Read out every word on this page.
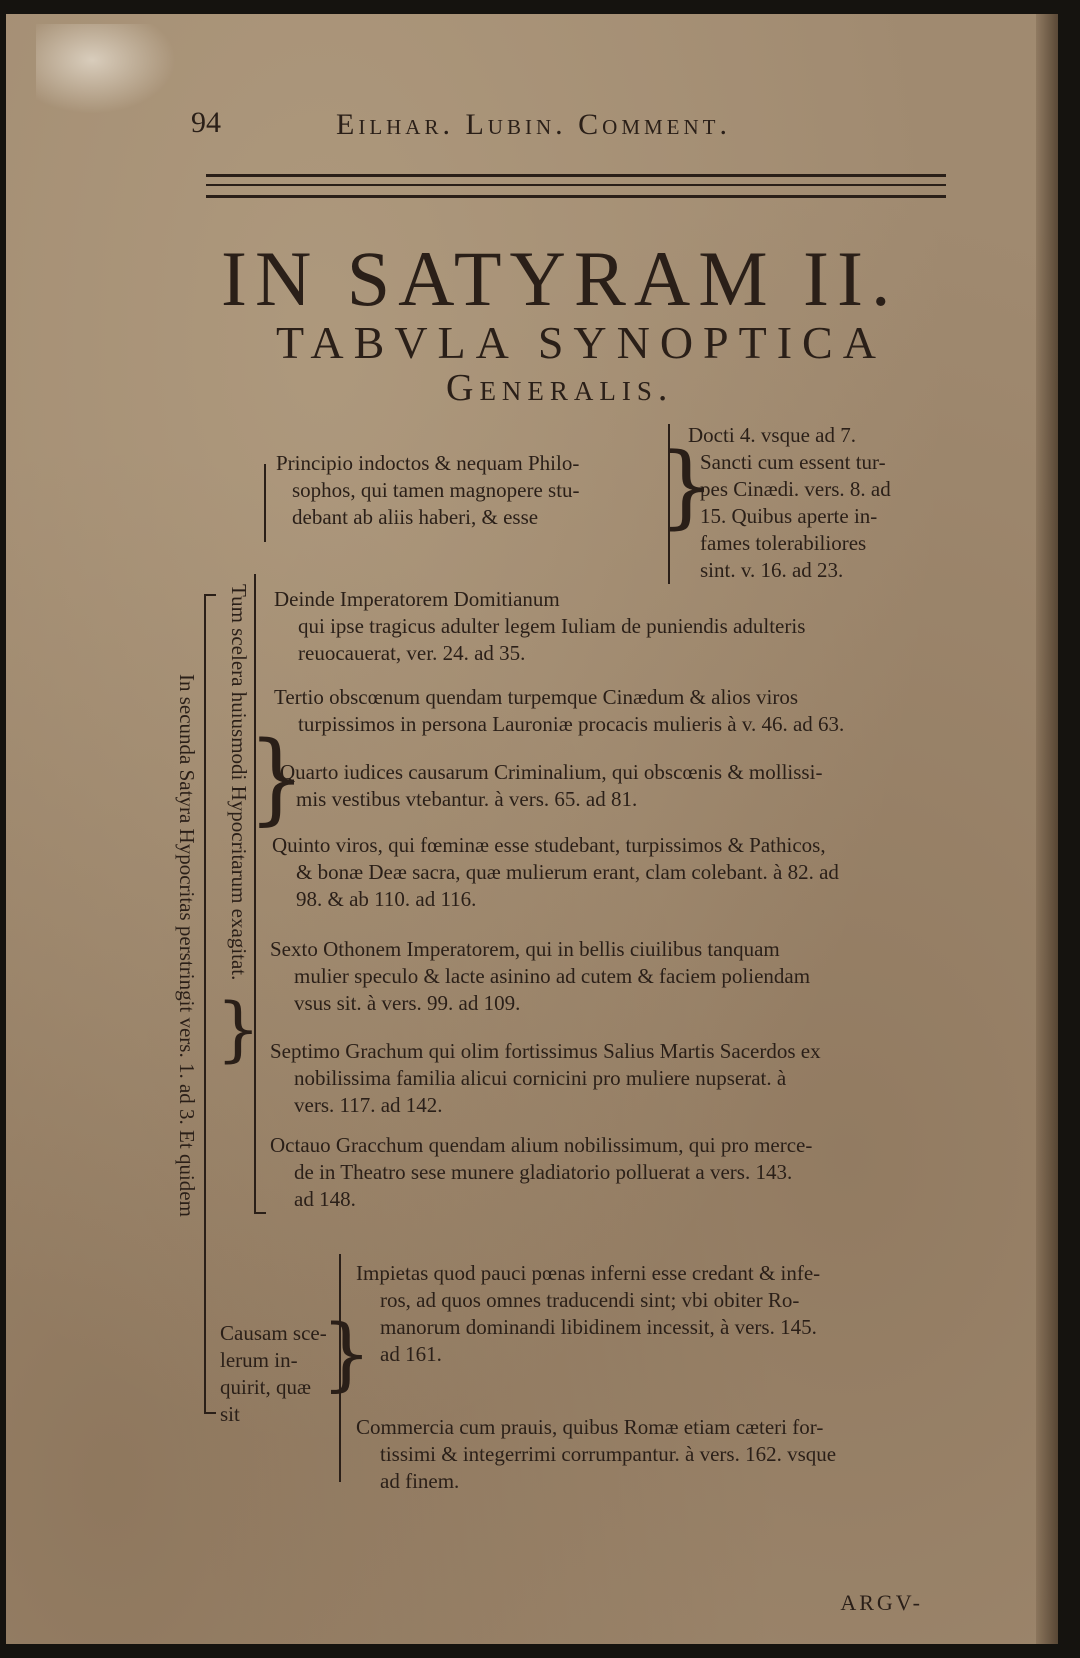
94	Eilhar. Lubin. Comment.
IN SATYRAM II.
TABVLA SYNOPTICA
Generalis.
In secunda Satyra Hypocritas perstringit vers. 1. ad 3. Et quidem Tum scelera huiusmodi Hypocritarum exagitat.
}
}
}
}
Principio indoctos & nequam Philo-
sophos, qui tamen magnopere stu-
debant ab aliis haberi, & esse
Docti 4. vsque ad 7.
Sancti cum essent tur-
pes Cinædi. vers. 8. ad
15. Quibus aperte in-
fames tolerabiliores
sint. v. 16. ad 23.
Deinde Imperatorem Domitianum
qui ipse tragicus adulter legem Iuliam de puniendis adulteris
reuocauerat, ver. 24. ad 35.
Tertio obscœnum quendam turpemque Cinædum & alios viros
turpissimos in persona Lauroniæ procacis mulieris à v. 46. ad 63.
Quarto iudices causarum Criminalium, qui obscœnis & mollissi-
mis vestibus vtebantur. à vers. 65. ad 81.
Quinto viros, qui fœminæ esse studebant, turpissimos & Pathicos,
& bonæ Deæ sacra, quæ mulierum erant, clam colebant. à 82. ad
98. & ab 110. ad 116.
Sexto Othonem Imperatorem, qui in bellis ciuilibus tanquam
mulier speculo & lacte asinino ad cutem & faciem poliendam
vsus sit. à vers. 99. ad 109.
Septimo Grachum qui olim fortissimus Salius Martis Sacerdos ex
nobilissima familia alicui cornicini pro muliere nupserat. à
vers. 117. ad 142.
Octauo Gracchum quendam alium nobilissimum, qui pro merce-
de in Theatro sese munere gladiatorio polluerat a vers. 143.
ad 148.
Causam sce-
lerum in-
quirit, quæ
sit
Impietas quod pauci pœnas inferni esse credant & infe-
ros, ad quos omnes traducendi sint; vbi obiter Ro-
manorum dominandi libidinem incessit, à vers. 145.
ad 161.
Commercia cum prauis, quibus Romæ etiam cæteri for-
tissimi & integerrimi corrumpantur. à vers. 162. vsque
ad finem.
ARGV-
